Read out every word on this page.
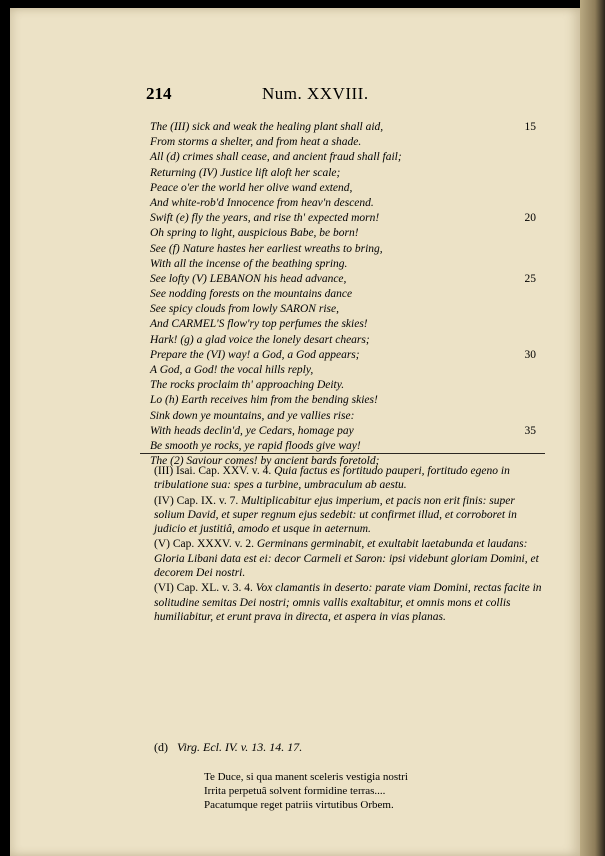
214	Num. XXVIII.
The (III) sick and weak the healing plant shall aid,	15
From storms a shelter, and from heat a shade.
All (d) crimes shall cease, and ancient fraud shall fail;
Returning (IV) Justice lift aloft her scale;
Peace o'er the world her olive wand extend,
And white-rob'd Innocence from heav'n descend.
Swift (e) fly the years, and rise th' expected morn!	20
Oh spring to light, auspicious Babe, be born!
See (f) Nature hastes her earliest wreaths to bring,
With all the incense of the beathing spring.
See lofty (V) LEBANON his head advance,	25
See nodding forests on the mountains dance
See spicy clouds from lowly SARON rise,
And CARMEL'S flow'ry top perfumes the skies!
Hark! (g) a glad voice the lonely desart chears;
Prepare the (VI) way! a God, a God appears;	30
A God, a God! the vocal hills reply,
The rocks proclaim th' approaching Deity.
Lo (h) Earth receives him from the bending skies!
Sink down ye mountains, and ye vallies rise:
With heads declin'd, ye Cedars, homage pay	35
Be smooth ye rocks, ye rapid floods give way!
The (2) Saviour comes! by ancient bards foretold;
(III) Isai. Cap. XXV. v. 4. Quia factus es fortitudo pauperi, fortitudo egeno in tribulatione sua: spes a turbine, umbraculum ab aestu.
(IV) Cap. IX. v. 7. Multiplicabitur ejus imperium, et pacis non erit finis: super solium David, et super regnum ejus sedebit: ut confirmet illud, et corroboret in judicio et justitiâ, amodo et usque in aeternum.
(V) Cap. XXXV. v. 2. Germinans germinabit, et exultabit laetabunda et laudans: Gloria Libani data est ei: decor Carmeli et Saron: ipsi videbunt gloriam Domini, et decorem Dei nostri.
(VI) Cap. XL. v. 3. 4. Vox clamantis in deserto: parate viam Domini, rectas facite in solitudine semitas Dei nostri; omnis vallis exaltabitur, et omnis mons et collis humiliabitur, et erunt prava in directa, et aspera in vias planas.
(d) Virg. Ecl. IV. v. 13. 14. 17.
Te Duce, si qua manent sceleris vestigia nostri
Irrita perpetuâ solvent formidine terras....
Pacatumque reget patriis virtutibus Orbem.
